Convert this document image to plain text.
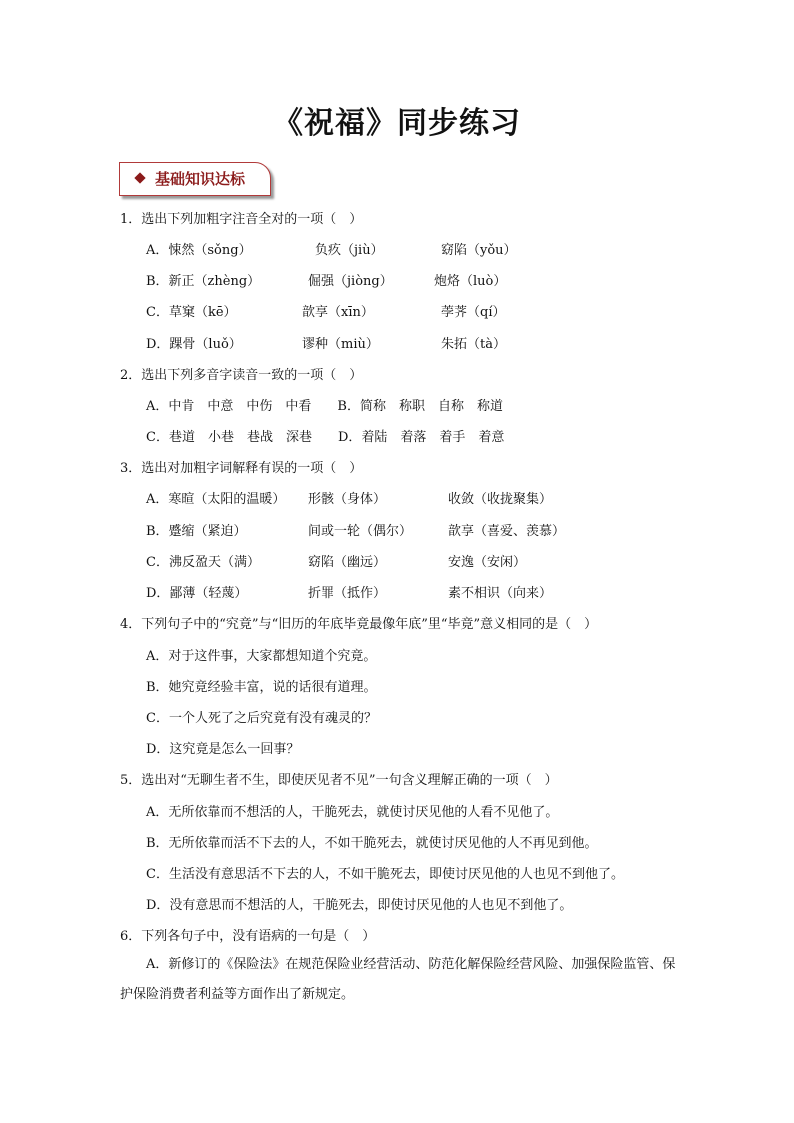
《祝福》同步练习
基础知识达标
1．选出下列加粗字注音全对的一项（　）
A．悚然（sǒng）	负疚（jiù）	窈陷（yǒu）
B．新正（zhèng）	倔强（jiòng）	炮烙（luò）
C．草窠（kē）	歆享（xīn）	荸荠（qí）
D．踝骨（luǒ）	谬种（miù）	朱拓（tà）
2．选出下列多音字读音一致的一项（　）
A．中肯　中意　中伤　中看　　B．简称　称职　自称　称道
C．巷道　小巷　巷战　深巷　　D．着陆　着落　着手　着意
3．选出对加粗字词解释有误的一项（　）
A．寒暄（太阳的温暖） 形骸（身体）	收敛（收拢聚集）
B．蹙缩（紧迫）	间或一轮（偶尔）	歆享（喜爱、羡慕）
C．沸反盈天（满）	窈陷（幽远）	安逸（安闲）
D．鄙薄（轻蔑）	折罪（抵作）	素不相识（向来）
4．下列句子中的“究竟”与“旧历的年底毕竟最像年底”里“毕竟”意义相同的是（　）
A．对于这件事，大家都想知道个究竟。
B．她究竟经验丰富，说的话很有道理。
C．一个人死了之后究竟有没有魂灵的？
D．这究竟是怎么一回事？
5．选出对“无聊生者不生，即使厌见者不见”一句含义理解正确的一项（　）
A．无所依靠而不想活的人，干脆死去，就使讨厌见他的人看不见他了。
B．无所依靠而活不下去的人，不如干脆死去，就使讨厌见他的人不再见到他。
C．生活没有意思活不下去的人，不如干脆死去，即使讨厌见他的人也见不到他了。
D．没有意思而不想活的人，干脆死去，即使讨厌见他的人也见不到他了。
6．下列各句子中，没有语病的一句是（　）
A．新修订的《保险法》在规范保险业经营活动、防范化解保险经营风险、加强保险监管、保护保险消费者利益等方面作出了新规定。
